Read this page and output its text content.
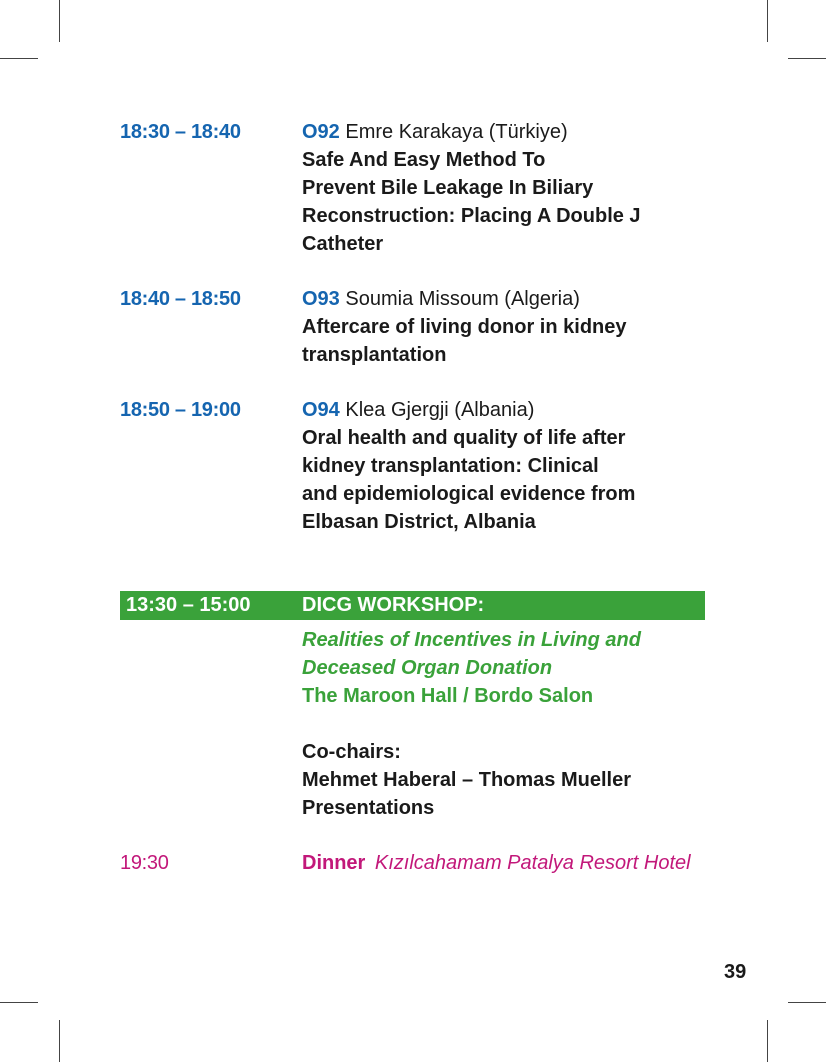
18:30 – 18:40	O92 Emre Karakaya (Türkiye)
Safe And Easy Method To
Prevent Bile Leakage In Biliary
Reconstruction: Placing A Double J
Catheter
18:40 – 18:50	O93 Soumia Missoum (Algeria)
Aftercare of living donor in kidney
transplantation
18:50 – 19:00	O94 Klea Gjergji (Albania)
Oral health and quality of life after
kidney transplantation: Clinical
and epidemiological evidence from
Elbasan District, Albania
13:30 – 15:00	DICG WORKSHOP:
Realities of Incentives in Living and
Deceased Organ Donation
The Maroon Hall / Bordo Salon
Co-chairs:
Mehmet Haberal – Thomas Mueller
Presentations
19:30	Dinner Kızılcahamam Patalya Resort Hotel
39
